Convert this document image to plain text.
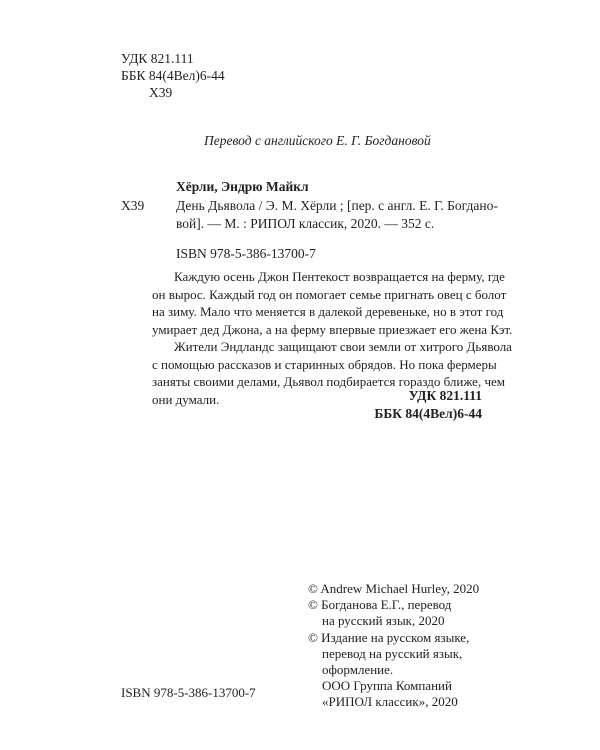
УДК 821.111
ББК 84(4Вел)6-44
Х39
Перевод с английского Е. Г. Богдановой
Хёрли, Эндрю Майкл
Х39 День Дьявола / Э. М. Хёрли ; [пер. с англ. Е. Г. Богдано-
вой]. — М. : РИПОЛ классик, 2020. — 352 с.
ISBN 978-5-386-13700-7
Каждую осень Джон Пентекост возвращается на ферму, где
он вырос. Каждый год он помогает семье пригнать овец с болот
на зиму. Мало что меняется в далекой деревеньке, но в этот год
умирает дед Джона, а на ферму впервые приезжает его жена Кэт.
Жители Эндландс защищают свои земли от хитрого Дьявола
с помощью рассказов и старинных обрядов. Но пока фермеры
заняты своими делами, Дьявол подбирается гораздо ближе, чем
они думали.	УДК 821.111
ББК 84(4Вел)6-44
© Andrew Michael Hurley, 2020
© Богданова Е.Г., перевод
на русский язык, 2020
© Издание на русском языке,
перевод на русский язык,
оформление.
ООО Группа Компаний
«РИПОЛ классик», 2020
ISBN 978-5-386-13700-7
